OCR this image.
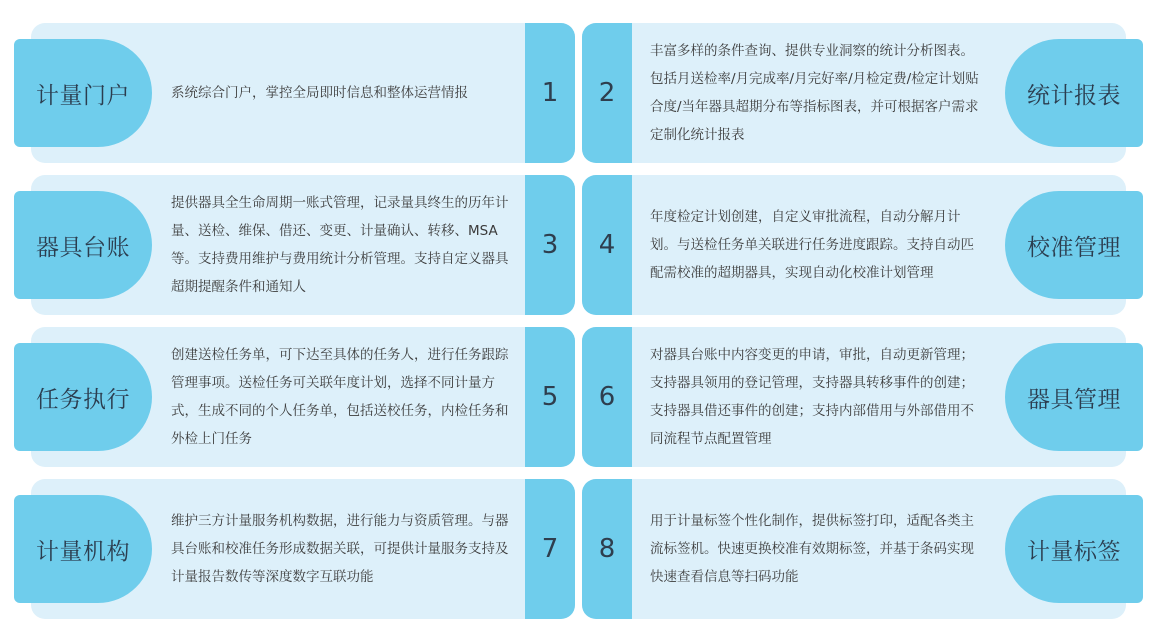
计量门户	系统综合门户，掌控全局即时信息和整体运营情报	1	2
丰富多样的条件查询、提供专业洞察的统计分析图表。包括月送检率/月完成率/月完好率/月检定费/检定计划贴合度/当年器具超期分布等指标图表，并可根据客户需求定制化统计报表
统计报表
器具台账
提供器具全生命周期一账式管理，记录量具终生的历年计量、送检、维保、借还、变更、计量确认、转移、MSA等。支持费用维护与费用统计分析管理。支持自定义器具超期提醒条件和通知人
3	4
年度检定计划创建，自定义审批流程，自动分解月计划。与送检任务单关联进行任务进度跟踪。支持自动匹配需校准的超期器具，实现自动化校准计划管理
校准管理
任务执行
创建送检任务单，可下达至具体的任务人，进行任务跟踪管理事项。送检任务可关联年度计划，选择不同计量方式，生成不同的个人任务单，包括送校任务，内检任务和外检上门任务
5	6
对器具台账中内容变更的申请，审批，自动更新管理；支持器具领用的登记管理，支持器具转移事件的创建；支持器具借还事件的创建；支持内部借用与外部借用不同流程节点配置管理
器具管理
计量机构
维护三方计量服务机构数据，进行能力与资质管理。与器具台账和校准任务形成数据关联，可提供计量服务支持及计量报告数传等深度数字互联功能
7	8
用于计量标签个性化制作，提供标签打印，适配各类主流标签机。快速更换校准有效期标签，并基于条码实现快速查看信息等扫码功能
计量标签
